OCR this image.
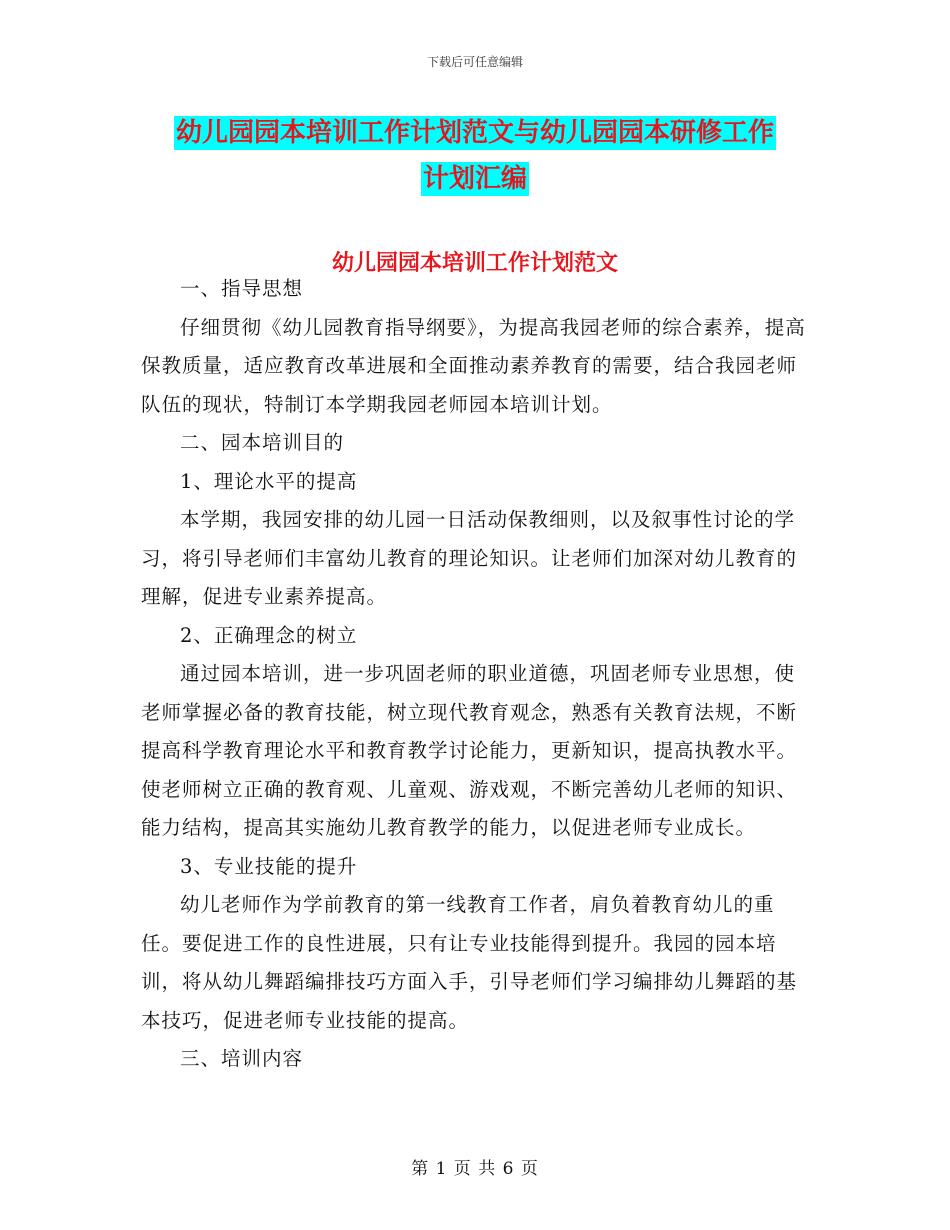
下载后可任意编辑
幼儿园园本培训工作计划范文与幼儿园园本研修工作
计划汇编
幼儿园园本培训工作计划范文

一、指导思想

仔细贯彻《幼儿园教育指导纲要》，为提高我园老师的综合素养，提高保教质量，适应教育改革进展和全面推动素养教育的需要，结合我园老师队伍的现状，特制订本学期我园老师园本培训计划。

二、园本培训目的

1、理论水平的提高

本学期，我园安排的幼儿园一日活动保教细则，以及叙事性讨论的学习，将引导老师们丰富幼儿教育的理论知识。让老师们加深对幼儿教育的理解，促进专业素养提高。

2、正确理念的树立

通过园本培训，进一步巩固老师的职业道德，巩固老师专业思想，使老师掌握必备的教育技能，树立现代教育观念，熟悉有关教育法规，不断提高科学教育理论水平和教育教学讨论能力，更新知识，提高执教水平。使老师树立正确的教育观、儿童观、游戏观，不断完善幼儿老师的知识、能力结构，提高其实施幼儿教育教学的能力，以促进老师专业成长。

3、专业技能的提升

幼儿老师作为学前教育的第一线教育工作者，肩负着教育幼儿的重任。要促进工作的良性进展，只有让专业技能得到提升。我园的园本培训，将从幼儿舞蹈编排技巧方面入手，引导老师们学习编排幼儿舞蹈的基本技巧，促进老师专业技能的提高。

三、培训内容

第 1 页 共 6 页
